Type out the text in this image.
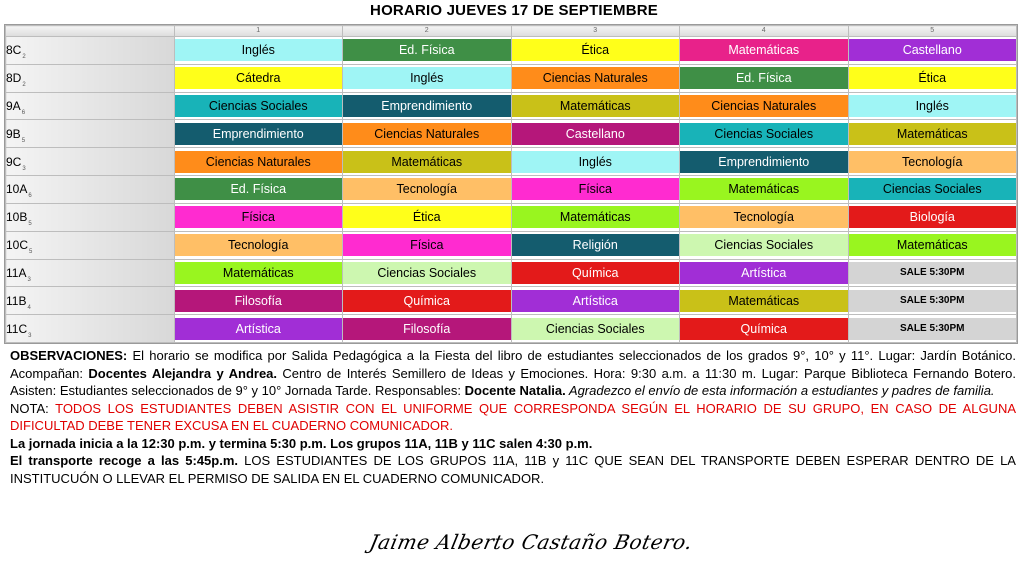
HORARIO JUEVES 17 DE SEPTIEMBRE
	1	2	3	4	5
$8C_2$	Inglés	Ed. Física	Ética	Matemáticas	Castellano

$8D_2$	Cátedra	Inglés	Ciencias Naturales	Ed. Física	Ética

$9A_6$	Ciencias Sociales	Emprendimiento	Matemáticas	Ciencias Naturales	Inglés

$9B_5$	Emprendimiento	Ciencias Naturales	Castellano	Ciencias Sociales	Matemáticas

$9C_3$	Ciencias Naturales	Matemáticas	Inglés	Emprendimiento	Tecnología

$10A_6$	Ed. Física	Tecnología	Física	Matemáticas	Ciencias Sociales

$10B_5$	Física	Ética	Matemáticas	Tecnología	Biología

$10C_5$	Tecnología	Física	Religión	Ciencias Sociales	Matemáticas

$11A_3$	Matemáticas	Ciencias Sociales	Química	Artística	SALE 5:30PM

$11B_4$	Filosofía	Química	Artística	Matemáticas	SALE 5:30PM

$11C_3$	Artística	Filosofía	Ciencias Sociales	Química	SALE 5:30PM

OBSERVACIONES: El horario se modifica por Salida Pedagógica a la Fiesta del libro de estudiantes seleccionados de los grados 9°, 10° y 11°. Lugar: Jardín Botánico. Acompañan: Docentes Alejandra y Andrea. Centro de Interés Semillero de Ideas y Emociones. Hora: 9:30 a.m. a 11:30 m. Lugar: Parque Biblioteca Fernando Botero. Asisten: Estudiantes seleccionados de 9° y 10° Jornada Tarde. Responsables: Docente Natalia. Agradezco el envío de esta información a estudiantes y padres de familia.

NOTA: TODOS LOS ESTUDIANTES DEBEN ASISTIR CON EL UNIFORME QUE CORRESPONDA SEGÚN EL HORARIO DE SU GRUPO, EN CASO DE ALGUNA DIFICULTAD DEBE TENER EXCUSA EN EL CUADERNO COMUNICADOR.

La jornada inicia a la 12:30 p.m. y termina 5:30 p.m. Los grupos 11A, 11B y 11C salen 4:30 p.m.

El transporte recoge a las 5:45p.m. LOS ESTUDIANTES DE LOS GRUPOS 11A, 11B y 11C QUE SEAN DEL TRANSPORTE DEBEN ESPERAR DENTRO DE LA INSTITUCUÓN O LLEVAR EL PERMISO DE SALIDA EN EL CUADERNO COMUNICADOR.

Jaime Alberto Castaño Botero.
